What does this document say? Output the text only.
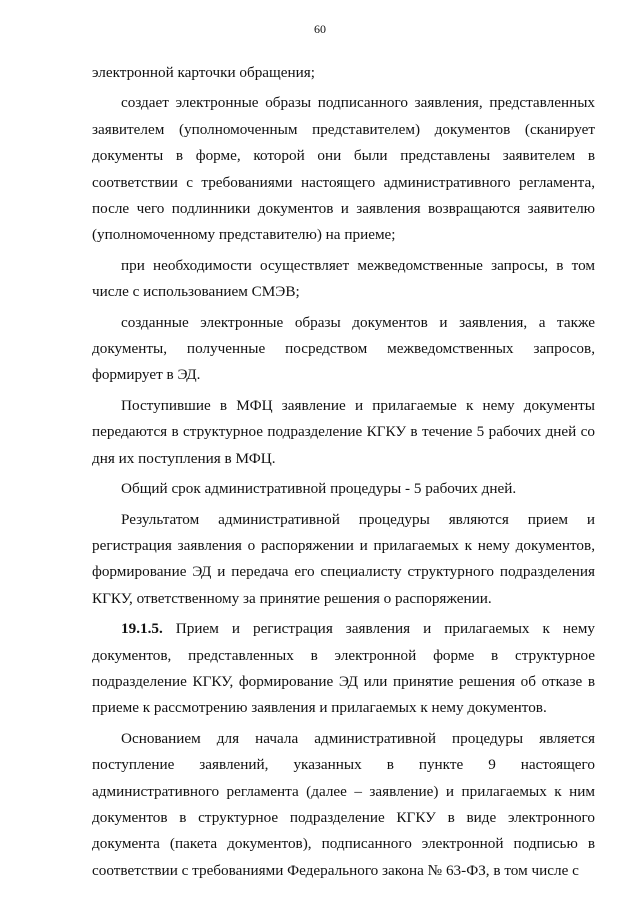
60

электронной карточки обращения;

создает электронные образы подписанного заявления, представленных заявителем (уполномоченным представителем) документов (сканирует документы в форме, которой они были представлены заявителем в соответствии с требованиями настоящего административного регламента, после чего подлинники документов и заявления возвращаются заявителю (уполномоченному представителю) на приеме;

при необходимости осуществляет межведомственные запросы, в том числе с использованием СМЭВ;

созданные электронные образы документов и заявления, а также документы, полученные посредством межведомственных запросов, формирует в ЭД.

Поступившие в МФЦ заявление и прилагаемые к нему документы передаются в структурное подразделение КГКУ в течение 5 рабочих дней со дня их поступления в МФЦ.

Общий срок административной процедуры - 5 рабочих дней.

Результатом административной процедуры являются прием и регистрация заявления о распоряжении и прилагаемых к нему документов, формирование ЭД и передача его специалисту структурного подразделения КГКУ, ответственному за принятие решения о распоряжении.

19.1.5. Прием и регистрация заявления и прилагаемых к нему документов, представленных в электронной форме в структурное подразделение КГКУ, формирование ЭД или принятие решения об отказе в приеме к рассмотрению заявления и прилагаемых к нему документов.

Основанием для начала административной процедуры является поступление заявлений, указанных в пункте 9 настоящего административного регламента (далее – заявление) и прилагаемых к ним документов в структурное подразделение КГКУ в виде электронного документа (пакета документов), подписанного электронной подписью в соответствии с требованиями Федерального закона № 63-ФЗ, в том числе с
